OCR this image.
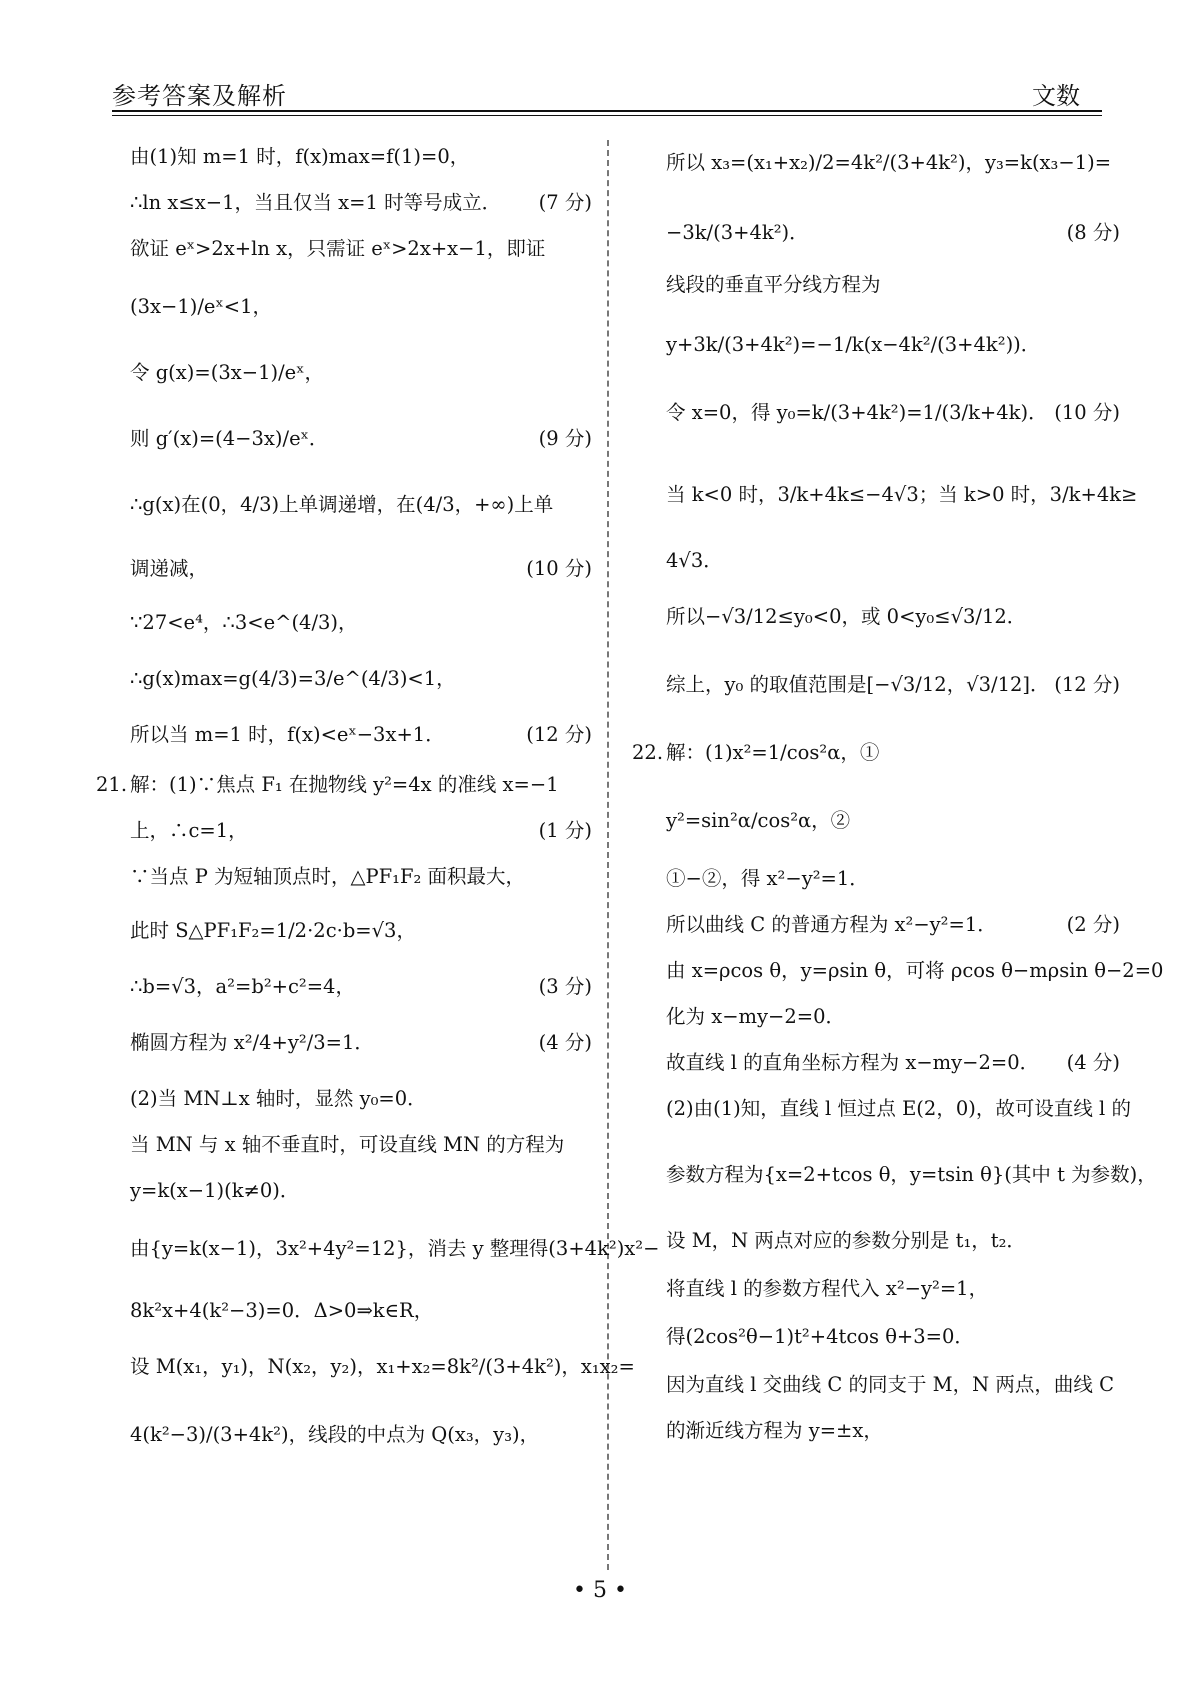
参考答案及解析	文数
由(1)知 m=1 时，f(x)max=f(1)=0，
∴ln x≤x−1，当且仅当 x=1 时等号成立． (7 分)
欲证 eˣ>2x+ln x，只需证 eˣ>2x+x−1，即证
(3x−1)/eˣ<1，
令 g(x)=(3x−1)/eˣ，
则 g′(x)=(4−3x)/eˣ．	(9 分)
∴g(x)在(0，4/3)上单调递增，在(4/3，+∞)上单
调递减，	(10 分)
∵27<e⁴，∴3<e^(4/3)，
∴g(x)max=g(4/3)=3/e^(4/3)<1，
所以当 m=1 时，f(x)<eˣ−3x+1．	(12 分)
21. 解：(1)∵焦点 F₁ 在抛物线 y²=4x 的准线 x=−1
上，∴c=1，	(1 分)
∵当点 P 为短轴顶点时，△PF₁F₂ 面积最大，
此时 S△PF₁F₂=1/2·2c·b=√3，
∴b=√3，a²=b²+c²=4，	(3 分)
椭圆方程为 x²/4+y²/3=1．	(4 分)
(2)当 MN⊥x 轴时，显然 y₀=0．
当 MN 与 x 轴不垂直时，可设直线 MN 的方程为
y=k(x−1)(k≠0)．
由{y=k(x−1)，3x²+4y²=12}，消去 y 整理得(3+4k²)x²−
8k²x+4(k²−3)=0．Δ>0⇒k∈R，
设 M(x₁，y₁)，N(x₂，y₂)，x₁+x₂=8k²/(3+4k²)，x₁x₂=
4(k²−3)/(3+4k²)，线段的中点为 Q(x₃，y₃)，
所以 x₃=(x₁+x₂)/2=4k²/(3+4k²)，y₃=k(x₃−1)=
−3k/(3+4k²)．	(8 分)
线段的垂直平分线方程为
y+3k/(3+4k²)=−1/k(x−4k²/(3+4k²))．
令 x=0，得 y₀=k/(3+4k²)=1/(3/k+4k)． (10 分)
当 k<0 时，3/k+4k≤−4√3；当 k>0 时，3/k+4k≥
4√3．
所以−√3/12≤y₀<0，或 0<y₀≤√3/12．
综上，y₀ 的取值范围是[−√3/12，√3/12]． (12 分)
22. 解：(1)x²=1/cos²α，①
y²=sin²α/cos²α，②
①−②，得 x²−y²=1．
所以曲线 C 的普通方程为 x²−y²=1．	(2 分)
由 x=ρcos θ，y=ρsin θ，可将 ρcos θ−mρsin θ−2=0
化为 x−my−2=0．
故直线 l 的直角坐标方程为 x−my−2=0． (4 分)
(2)由(1)知，直线 l 恒过点 E(2，0)，故可设直线 l 的
参数方程为{x=2+tcos θ，y=tsin θ}(其中 t 为参数)，
设 M，N 两点对应的参数分别是 t₁，t₂．
将直线 l 的参数方程代入 x²−y²=1，
得(2cos²θ−1)t²+4tcos θ+3=0．
因为直线 l 交曲线 C 的同支于 M，N 两点，曲线 C
的渐近线方程为 y=±x，
• 5 •
